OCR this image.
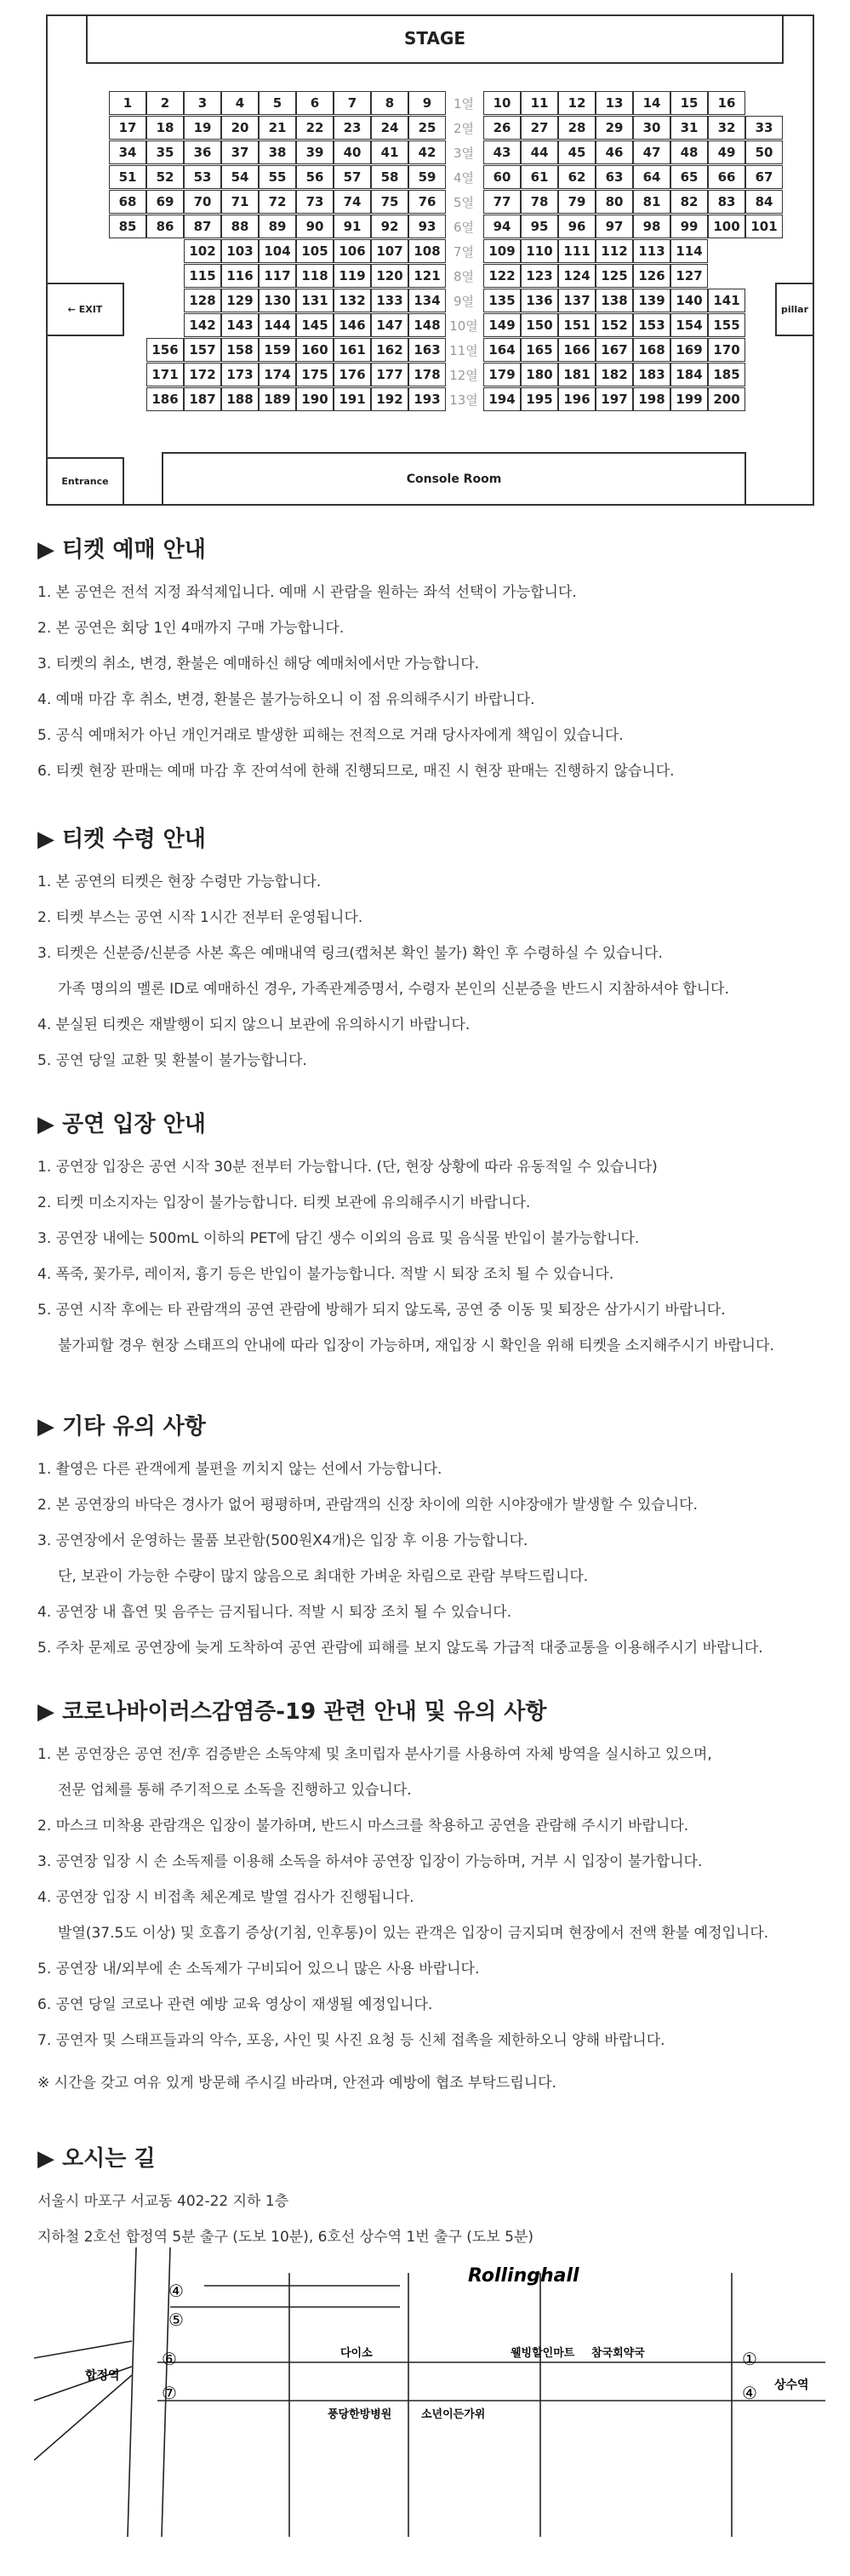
STAGE
← EXIT	pillar
Entrance	Console Room
1	2	3	4	5	6	7	8	9	1열	10	11	12	13	14	15	16
17	18	19	20	21	22	23	24	25	2열	26	27	28	29	30	31	32	33
34	35	36	37	38	39	40	41	42	3열	43	44	45	46	47	48	49	50
51	52	53	54	55	56	57	58	59	4열	60	61	62	63	64	65	66	67
68	69	70	71	72	73	74	75	76	5열	77	78	79	80	81	82	83	84
85	86	87	88	89	90	91	92	93	6열	94	95	96	97	98	99	100 101
102 103 104 105 106 107 108	7열	109 110 111 112 113 114
115 116 117 118 119 120 121	8열	122 123 124 125 126 127
128 129 130 131 132 133 134	9열	135 136 137 138 139 140 141
142 143 144 145 146 147 148 10열 149 150 151 152 153 154 155
156 157 158 159 160 161 162 163 11열 164 165 166 167 168 169 170
171 172 173 174 175 176 177 178 12열 179 180 181 182 183 184 185
186 187 188 189 190 191 192 193 13열 194 195 196 197 198 199 200
▶ 티켓 예매 안내
1. 본 공연은 전석 지정 좌석제입니다. 예매 시 관람을 원하는 좌석 선택이 가능합니다.
2. 본 공연은 회당 1인 4매까지 구매 가능합니다.
3. 티켓의 취소, 변경, 환불은 예매하신 해당 예매처에서만 가능합니다.
4. 예매 마감 후 취소, 변경, 환불은 불가능하오니 이 점 유의해주시기 바랍니다.
5. 공식 예매처가 아닌 개인거래로 발생한 피해는 전적으로 거래 당사자에게 책임이 있습니다.
6. 티켓 현장 판매는 예매 마감 후 잔여석에 한해 진행되므로, 매진 시 현장 판매는 진행하지 않습니다.
▶ 티켓 수령 안내
1. 본 공연의 티켓은 현장 수령만 가능합니다.
2. 티켓 부스는 공연 시작 1시간 전부터 운영됩니다.
3. 티켓은 신분증/신분증 사본 혹은 예매내역 링크(캡처본 확인 불가) 확인 후 수령하실 수 있습니다.
가족 명의의 멜론 ID로 예매하신 경우, 가족관계증명서, 수령자 본인의 신분증을 반드시 지참하셔야 합니다.
4. 분실된 티켓은 재발행이 되지 않으니 보관에 유의하시기 바랍니다.
5. 공연 당일 교환 및 환불이 불가능합니다.
▶ 공연 입장 안내
1. 공연장 입장은 공연 시작 30분 전부터 가능합니다. (단, 현장 상황에 따라 유동적일 수 있습니다)
2. 티켓 미소지자는 입장이 불가능합니다. 티켓 보관에 유의해주시기 바랍니다.
3. 공연장 내에는 500mL 이하의 PET에 담긴 생수 이외의 음료 및 음식물 반입이 불가능합니다.
4. 폭죽, 꽃가루, 레이저, 흉기 등은 반입이 불가능합니다. 적발 시 퇴장 조치 될 수 있습니다.
5. 공연 시작 후에는 타 관람객의 공연 관람에 방해가 되지 않도록, 공연 중 이동 및 퇴장은 삼가시기 바랍니다.
불가피할 경우 현장 스태프의 안내에 따라 입장이 가능하며, 재입장 시 확인을 위해 티켓을 소지해주시기 바랍니다.
▶ 기타 유의 사항
1. 촬영은 다른 관객에게 불편을 끼치지 않는 선에서 가능합니다.
2. 본 공연장의 바닥은 경사가 없어 평평하며, 관람객의 신장 차이에 의한 시야장애가 발생할 수 있습니다.
3. 공연장에서 운영하는 물품 보관함(500원X4개)은 입장 후 이용 가능합니다.
단, 보관이 가능한 수량이 많지 않음으로 최대한 가벼운 차림으로 관람 부탁드립니다.
4. 공연장 내 흡연 및 음주는 금지됩니다. 적발 시 퇴장 조치 될 수 있습니다.
5. 주차 문제로 공연장에 늦게 도착하여 공연 관람에 피해를 보지 않도록 가급적 대중교통을 이용해주시기 바랍니다.
▶ 코로나바이러스감염증-19 관련 안내 및 유의 사항
1. 본 공연장은 공연 전/후 검증받은 소독약제 및 초미립자 분사기를 사용하여 자체 방역을 실시하고 있으며,
전문 업체를 통해 주기적으로 소독을 진행하고 있습니다.
2. 마스크 미착용 관람객은 입장이 불가하며, 반드시 마스크를 착용하고 공연을 관람해 주시기 바랍니다.
3. 공연장 입장 시 손 소독제를 이용해 소독을 하셔야 공연장 입장이 가능하며, 거부 시 입장이 불가합니다.
4. 공연장 입장 시 비접촉 체온계로 발열 검사가 진행됩니다.
발열(37.5도 이상) 및 호흡기 증상(기침, 인후통)이 있는 관객은 입장이 금지되며 현장에서 전액 환불 예정입니다.
5. 공연장 내/외부에 손 소독제가 구비되어 있으니 많은 사용 바랍니다.
6. 공연 당일 코로나 관련 예방 교육 영상이 재생될 예정입니다.
7. 공연자 및 스태프들과의 악수, 포옹, 사인 및 사진 요청 등 신체 접촉을 제한하오니 양해 바랍니다.
※ 시간을 갖고 여유 있게 방문해 주시길 바라며, 안전과 예방에 협조 부탁드립니다.
▶ 오시는 길
서울시 마포구 서교동 402-22 지하 1층
지하철 2호선 합정역 5분 출구 (도보 10분), 6호선 상수역 1번 출구 (도보 5분)
Rollinghall
합정역
상수역
④
⑤
⑥
⑦
①
④
다이소	웰빙할인마트 참국회약국
풍당한방병원	소년이든가위
